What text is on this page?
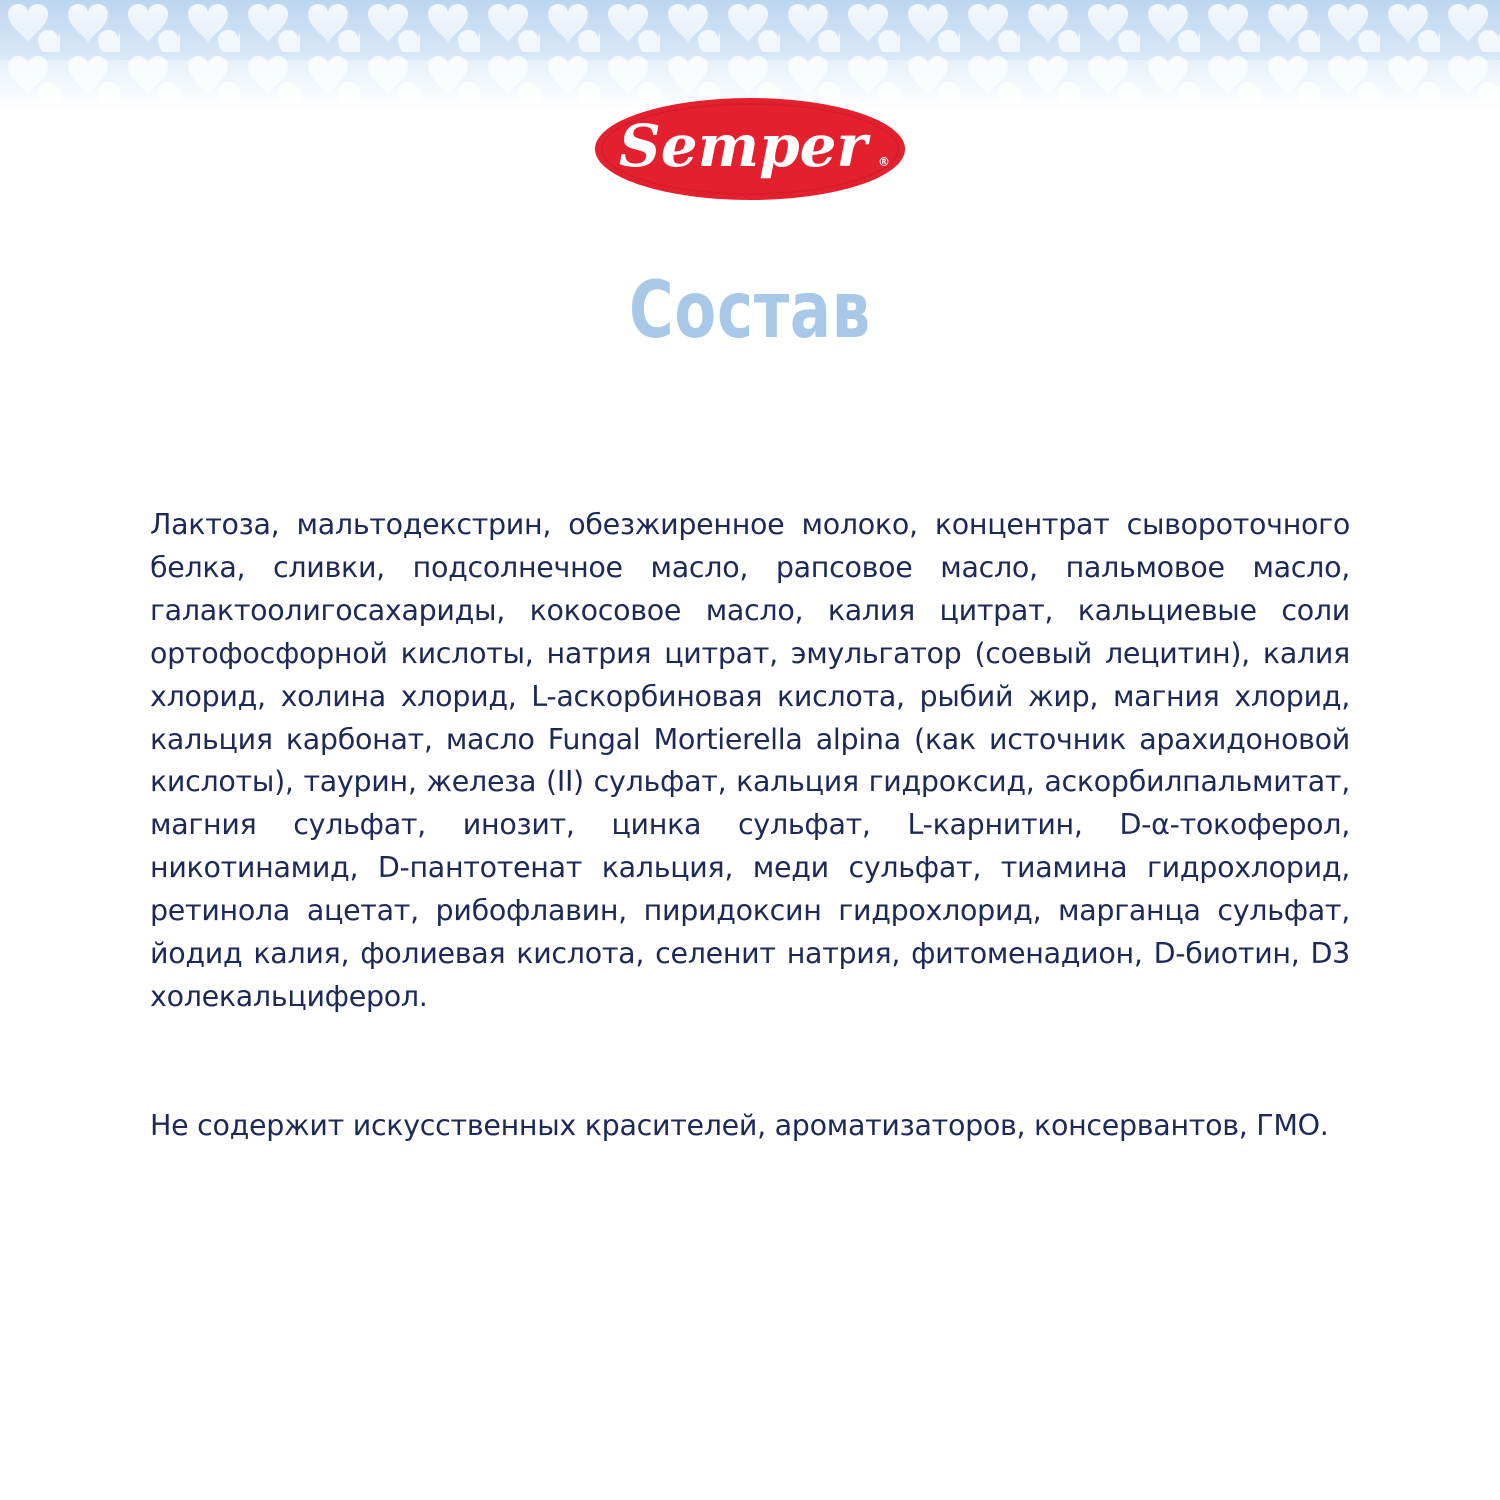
Semper ®
Состав

Лактоза, мальтодекстрин, обезжиренное молоко, концентрат сывороточного белка, сливки, подсолнечное масло, рапсовое масло, пальмовое масло, галактоолигосахариды, кокосовое масло, калия цитрат, кальциевые соли ортофосфорной кислоты, натрия цитрат, эмульгатор (соевый лецитин), калия хлорид, холина хлорид, L-аскорбиновая кислота, рыбий жир, магния хлорид, кальция карбонат, масло Fungal Mortierella alpina (как источник арахидоновой кислоты), таурин, железа (II) сульфат, кальция гидроксид, аскорбилпальмитат, магния сульфат, инозит, цинка сульфат, L-карнитин, D-α-токоферол, никотинамид, D-пантотенат кальция, меди сульфат, тиамина гидрохлорид, ретинола ацетат, рибофлавин, пиридоксин гидрохлорид, марганца сульфат, йодид калия, фолиевая кислота, селенит натрия, фитоменадион, D-биотин, D3 холекальциферол.

Не содержит искусственных красителей, ароматизаторов, консервантов, ГМО.
